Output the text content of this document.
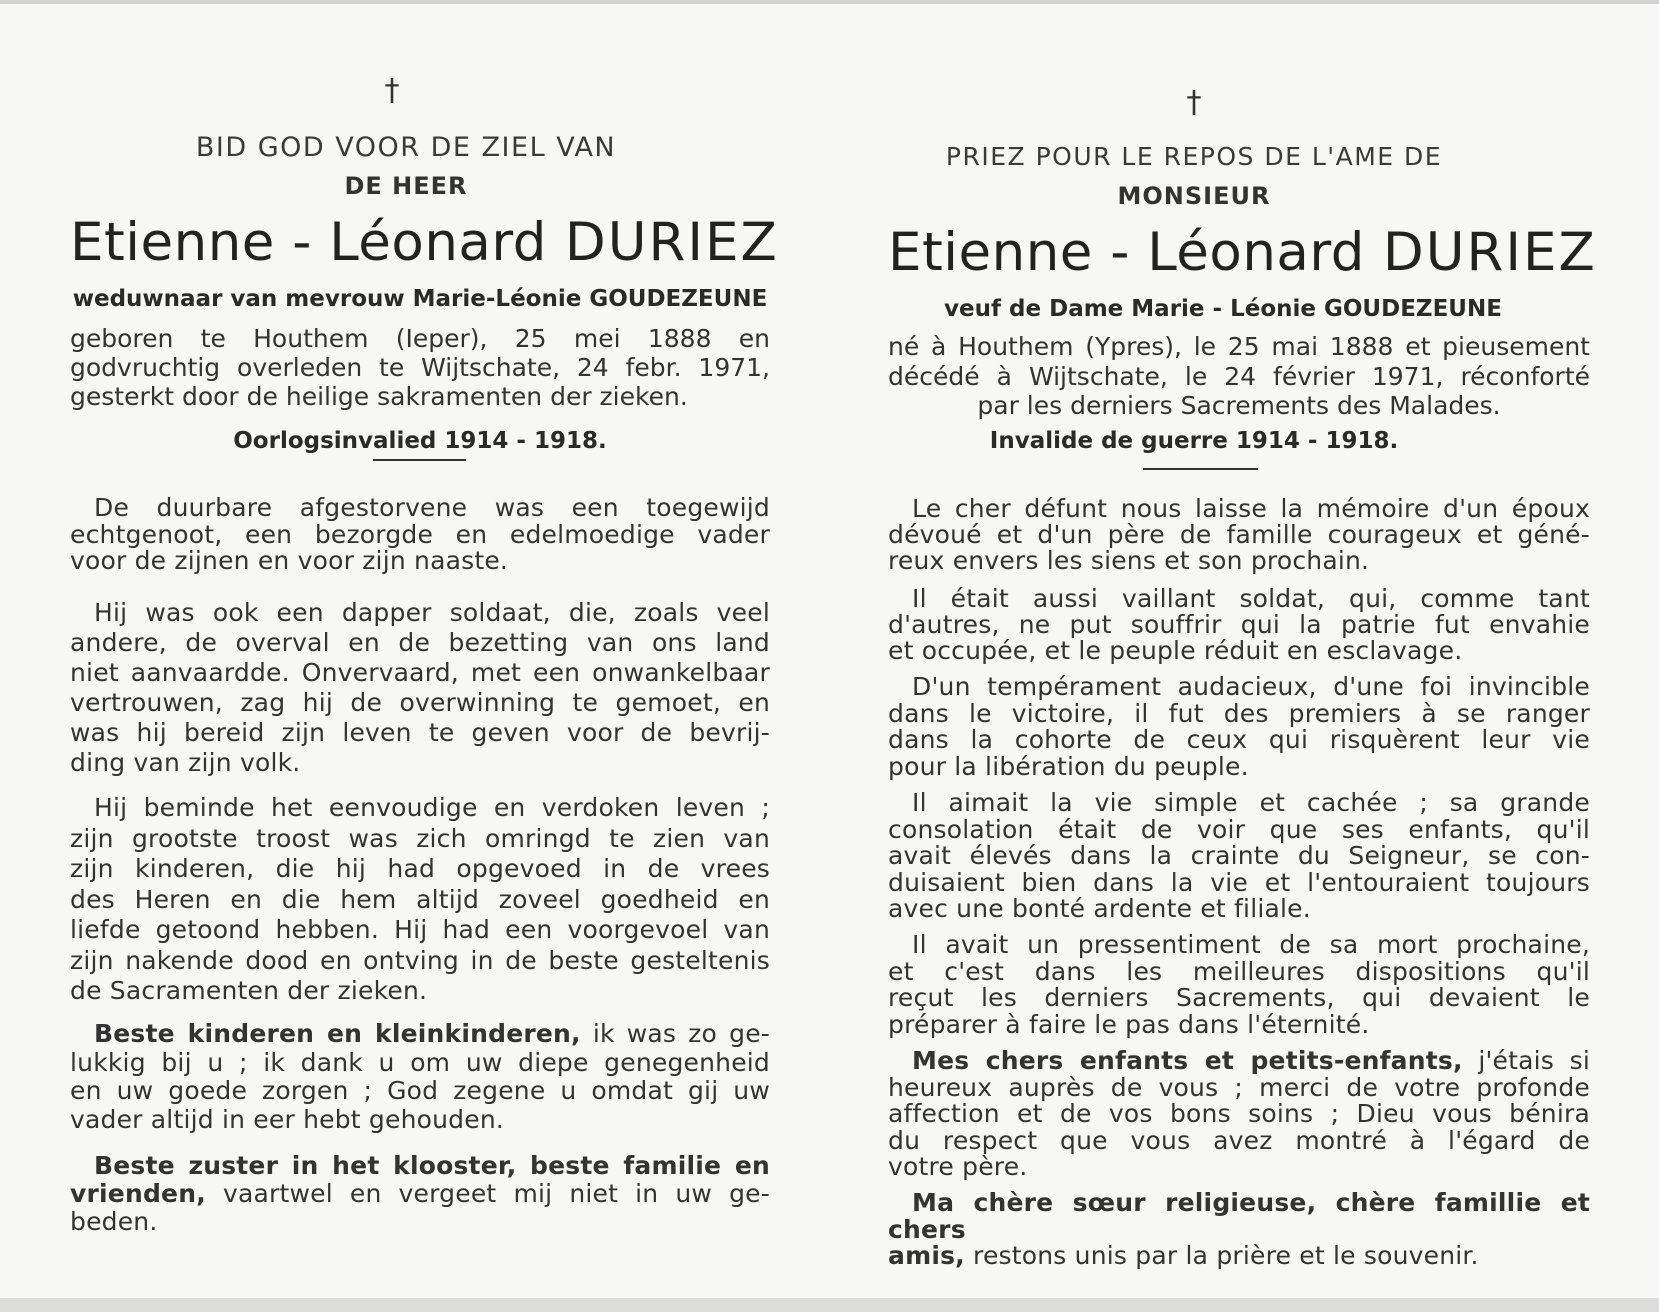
†
BID GOD VOOR DE ZIEL VAN
DE HEER
Etienne - Léonard DURIEZ
weduwnaar van mevrouw Marie-Léonie GOUDEZEUNE
geboren te Houthem (Ieper), 25 mei 1888 en
godvruchtig overleden te Wijtschate, 24 febr. 1971,
gesterkt door de heilige sakramenten der zieken.
Oorlogsinvalied 1914 - 1918.
De duurbare afgestorvene was een toegewijd
echtgenoot, een bezorgde en edelmoedige vader
voor de zijnen en voor zijn naaste.
Hij was ook een dapper soldaat, die, zoals veel
andere, de overval en de bezetting van ons land
niet aanvaardde. Onvervaard, met een onwankelbaar
vertrouwen, zag hij de overwinning te gemoet, en
was hij bereid zijn leven te geven voor de bevrij-
ding van zijn volk.
Hij beminde het eenvoudige en verdoken leven ;
zijn grootste troost was zich omringd te zien van
zijn kinderen, die hij had opgevoed in de vrees
des Heren en die hem altijd zoveel goedheid en
liefde getoond hebben. Hij had een voorgevoel van
zijn nakende dood en ontving in de beste gesteltenis
de Sacramenten der zieken.
Beste kinderen en kleinkinderen, ik was zo ge-
lukkig bij u ; ik dank u om uw diepe genegenheid
en uw goede zorgen ; God zegene u omdat gij uw
vader altijd in eer hebt gehouden.
Beste zuster in het klooster, beste familie en
vrienden, vaartwel en vergeet mij niet in uw ge-
beden.
†
PRIEZ POUR LE REPOS DE L'AME DE
MONSIEUR
Etienne - Léonard DURIEZ
veuf de Dame Marie - Léonie GOUDEZEUNE
né à Houthem (Ypres), le 25 mai 1888 et pieusement
décédé à Wijtschate, le 24 février 1971, réconforté
par les derniers Sacrements des Malades.
Invalide de guerre 1914 - 1918.
Le cher défunt nous laisse la mémoire d'un époux
dévoué et d'un père de famille courageux et géné-
reux envers les siens et son prochain.
Il était aussi vaillant soldat, qui, comme tant
d'autres, ne put souffrir qui la patrie fut envahie
et occupée, et le peuple réduit en esclavage.
D'un tempérament audacieux, d'une foi invincible
dans le victoire, il fut des premiers à se ranger
dans la cohorte de ceux qui risquèrent leur vie
pour la libération du peuple.
Il aimait la vie simple et cachée ; sa grande
consolation était de voir que ses enfants, qu'il
avait élevés dans la crainte du Seigneur, se con-
duisaient bien dans la vie et l'entouraient toujours
avec une bonté ardente et filiale.
Il avait un pressentiment de sa mort prochaine,
et c'est dans les meilleures dispositions qu'il
reçut les derniers Sacrements, qui devaient le
préparer à faire le pas dans l'éternité.
Mes chers enfants et petits-enfants, j'étais si
heureux auprès de vous ; merci de votre profonde
affection et de vos bons soins ; Dieu vous bénira
du respect que vous avez montré à l'égard de
votre père.
Ma chère sœur religieuse, chère famillie et chers
amis, restons unis par la prière et le souvenir.
